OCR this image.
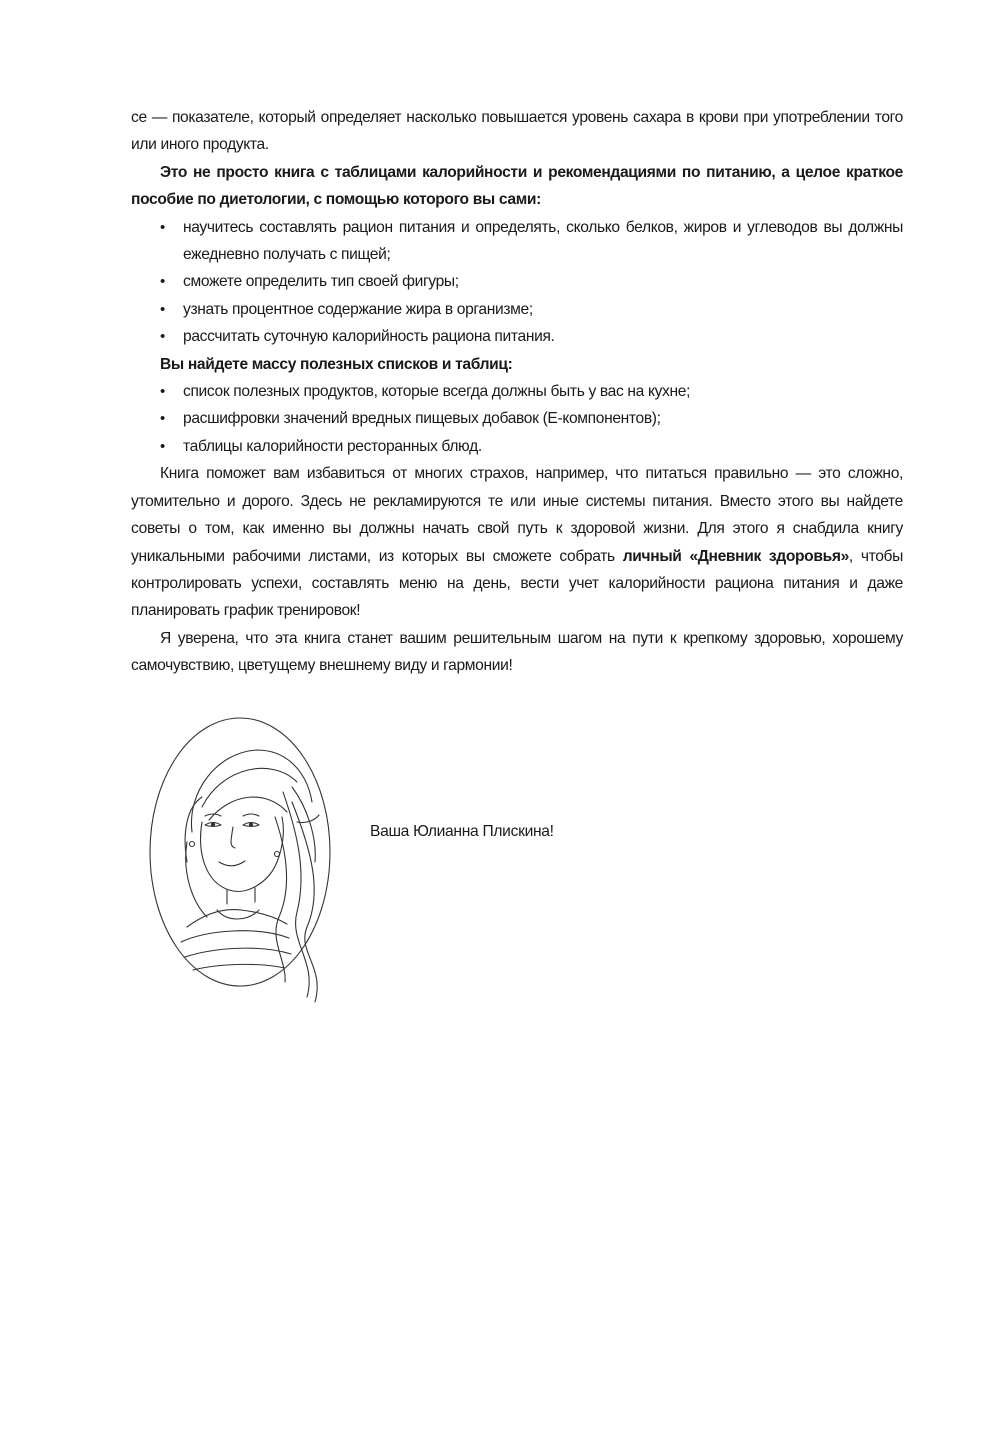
се — показателе, который определяет насколько повышается уровень сахара в крови при употреблении того или иного продукта.

Это не просто книга с таблицами калорийности и рекомендациями по питанию, а целое краткое пособие по диетологии, с помощью которого вы сами:

• научитесь составлять рацион питания и определять, сколько белков, жиров и углеводов вы должны ежедневно получать с пищей;
• сможете определить тип своей фигуры;
• узнать процентное содержание жира в организме;
• рассчитать суточную калорийность рациона питания.

Вы найдете массу полезных списков и таблиц:

• список полезных продуктов, которые всегда должны быть у вас на кухне;
• расшифровки значений вредных пищевых добавок (Е-компонентов);
• таблицы калорийности ресторанных блюд.

Книга поможет вам избавиться от многих страхов, например, что питаться правильно — это сложно, утомительно и дорого. Здесь не рекламируются те или иные системы питания. Вместо этого вы найдете советы о том, как именно вы должны начать свой путь к здоровой жизни. Для этого я снабдила книгу уникальными рабочими листами, из которых вы сможете собрать личный «Дневник здоровья», чтобы контролировать успехи, составлять меню на день, вести учет калорийности рациона питания и даже планировать график тренировок!

Я уверена, что эта книга станет вашим решительным шагом на пути к крепкому здоровью, хорошему самочувствию, цветущему внешнему виду и гармонии!

Ваша Юлианна Плискина!
